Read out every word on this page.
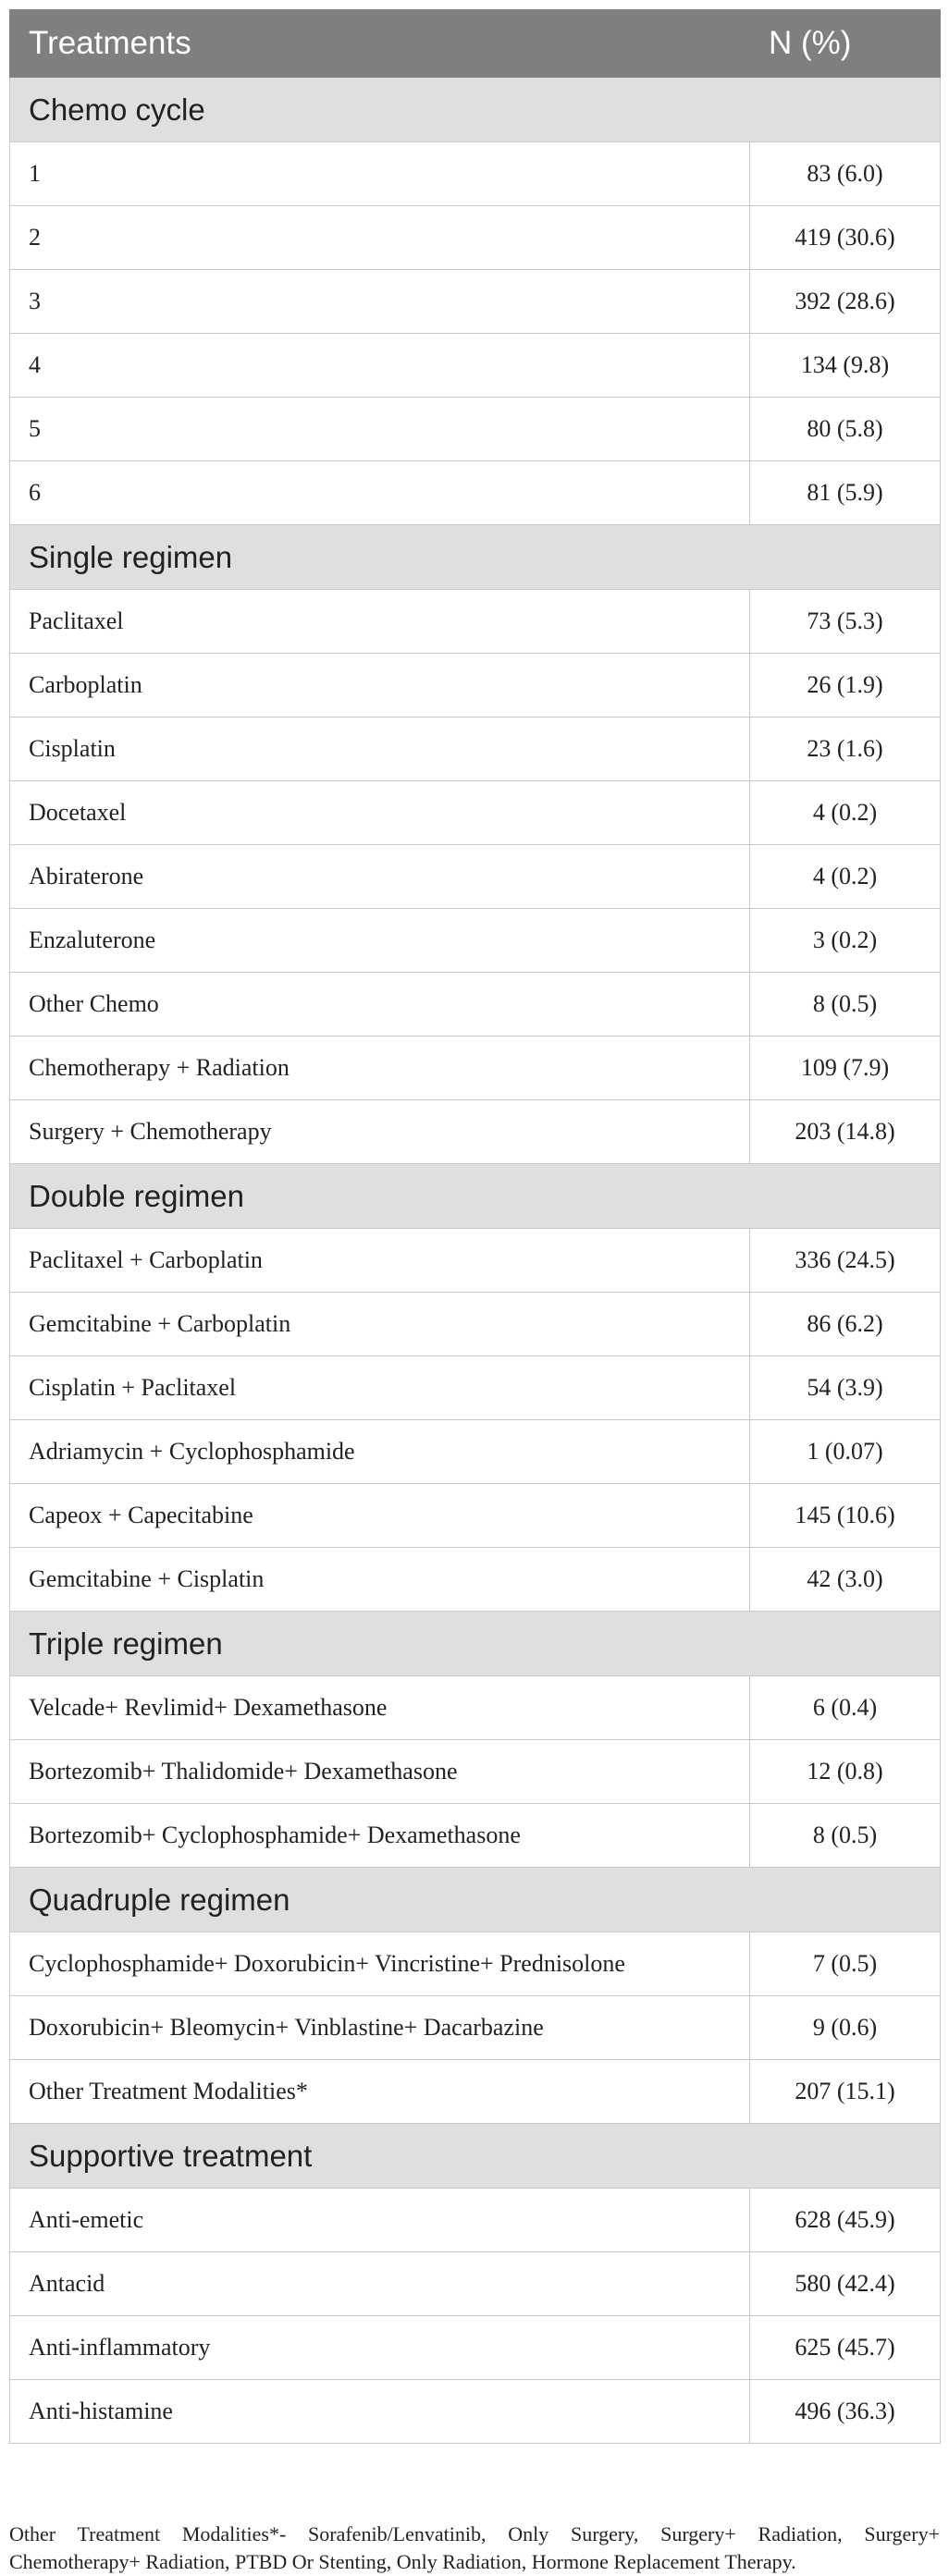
Treatments	N (%)
Chemo cycle	
1	83 (6.0)
2	419 (30.6)
3	392 (28.6)
4	134 (9.8)
5	80 (5.8)
6	81 (5.9)
Single regimen	
Paclitaxel	73 (5.3)
Carboplatin	26 (1.9)
Cisplatin	23 (1.6)
Docetaxel	4 (0.2)
Abiraterone	4 (0.2)
Enzaluterone	3 (0.2)
Other Chemo	8 (0.5)
Chemotherapy + Radiation	109 (7.9)
Surgery + Chemotherapy	203 (14.8)
Double regimen	
Paclitaxel + Carboplatin	336 (24.5)
Gemcitabine + Carboplatin	86 (6.2)
Cisplatin + Paclitaxel	54 (3.9)
Adriamycin + Cyclophosphamide	1 (0.07)
Capeox + Capecitabine	145 (10.6)
Gemcitabine + Cisplatin	42 (3.0)
Triple regimen	
Velcade+ Revlimid+ Dexamethasone	6 (0.4)
Bortezomib+ Thalidomide+ Dexamethasone	12 (0.8)
Bortezomib+ Cyclophosphamide+ Dexamethasone	8 (0.5)
Quadruple regimen	
Cyclophosphamide+ Doxorubicin+ Vincristine+ Prednisolone	7 (0.5)
Doxorubicin+ Bleomycin+ Vinblastine+ Dacarbazine	9 (0.6)
Other Treatment Modalities*	207 (15.1)
Supportive treatment	
Anti-emetic	628 (45.9)
Antacid	580 (42.4)
Anti-inflammatory	625 (45.7)
Anti-histamine	496 (36.3)
Other Treatment Modalities*- Sorafenib/Lenvatinib, Only Surgery, Surgery+ Radiation, Surgery+ Chemotherapy+ Radiation, PTBD Or Stenting, Only Radiation, Hormone Replacement Therapy.
